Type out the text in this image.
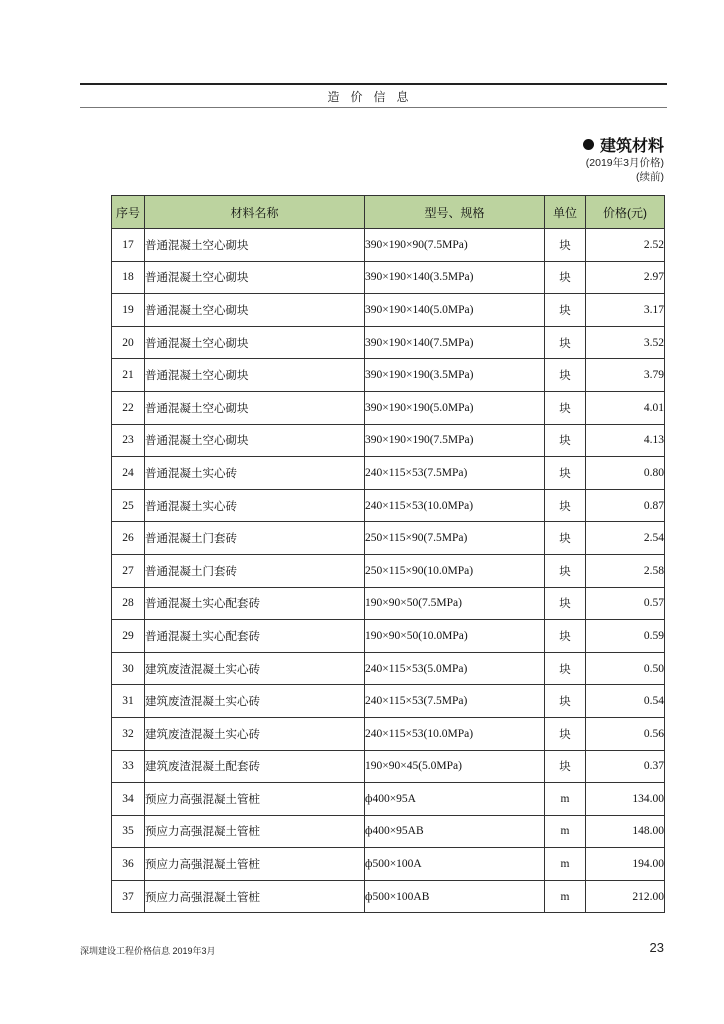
造价信息
建筑材料
(2019年3月价格)
(续前)
序号	材料名称	型号、规格	单位	价格(元)
17	普通混凝土空心砌块	390×190×90(7.5MPa)	块	2.52
18	普通混凝土空心砌块	390×190×140(3.5MPa)	块	2.97
19	普通混凝土空心砌块	390×190×140(5.0MPa)	块	3.17
20	普通混凝土空心砌块	390×190×140(7.5MPa)	块	3.52
21	普通混凝土空心砌块	390×190×190(3.5MPa)	块	3.79
22	普通混凝土空心砌块	390×190×190(5.0MPa)	块	4.01
23	普通混凝土空心砌块	390×190×190(7.5MPa)	块	4.13
24	普通混凝土实心砖	240×115×53(7.5MPa)	块	0.80
25	普通混凝土实心砖	240×115×53(10.0MPa)	块	0.87
26	普通混凝土门套砖	250×115×90(7.5MPa)	块	2.54
27	普通混凝土门套砖	250×115×90(10.0MPa)	块	2.58
28	普通混凝土实心配套砖	190×90×50(7.5MPa)	块	0.57
29	普通混凝土实心配套砖	190×90×50(10.0MPa)	块	0.59
30	建筑废渣混凝土实心砖	240×115×53(5.0MPa)	块	0.50
31	建筑废渣混凝土实心砖	240×115×53(7.5MPa)	块	0.54
32	建筑废渣混凝土实心砖	240×115×53(10.0MPa)	块	0.56
33	建筑废渣混凝土配套砖	190×90×45(5.0MPa)	块	0.37
34	预应力高强混凝土管桩	ф400×95A	m	134.00
35	预应力高强混凝土管桩	ф400×95AB	m	148.00
36	预应力高强混凝土管桩	ф500×100A	m	194.00
37	预应力高强混凝土管桩	ф500×100AB	m	212.00
深圳建设工程价格信息 2019年3月	23
